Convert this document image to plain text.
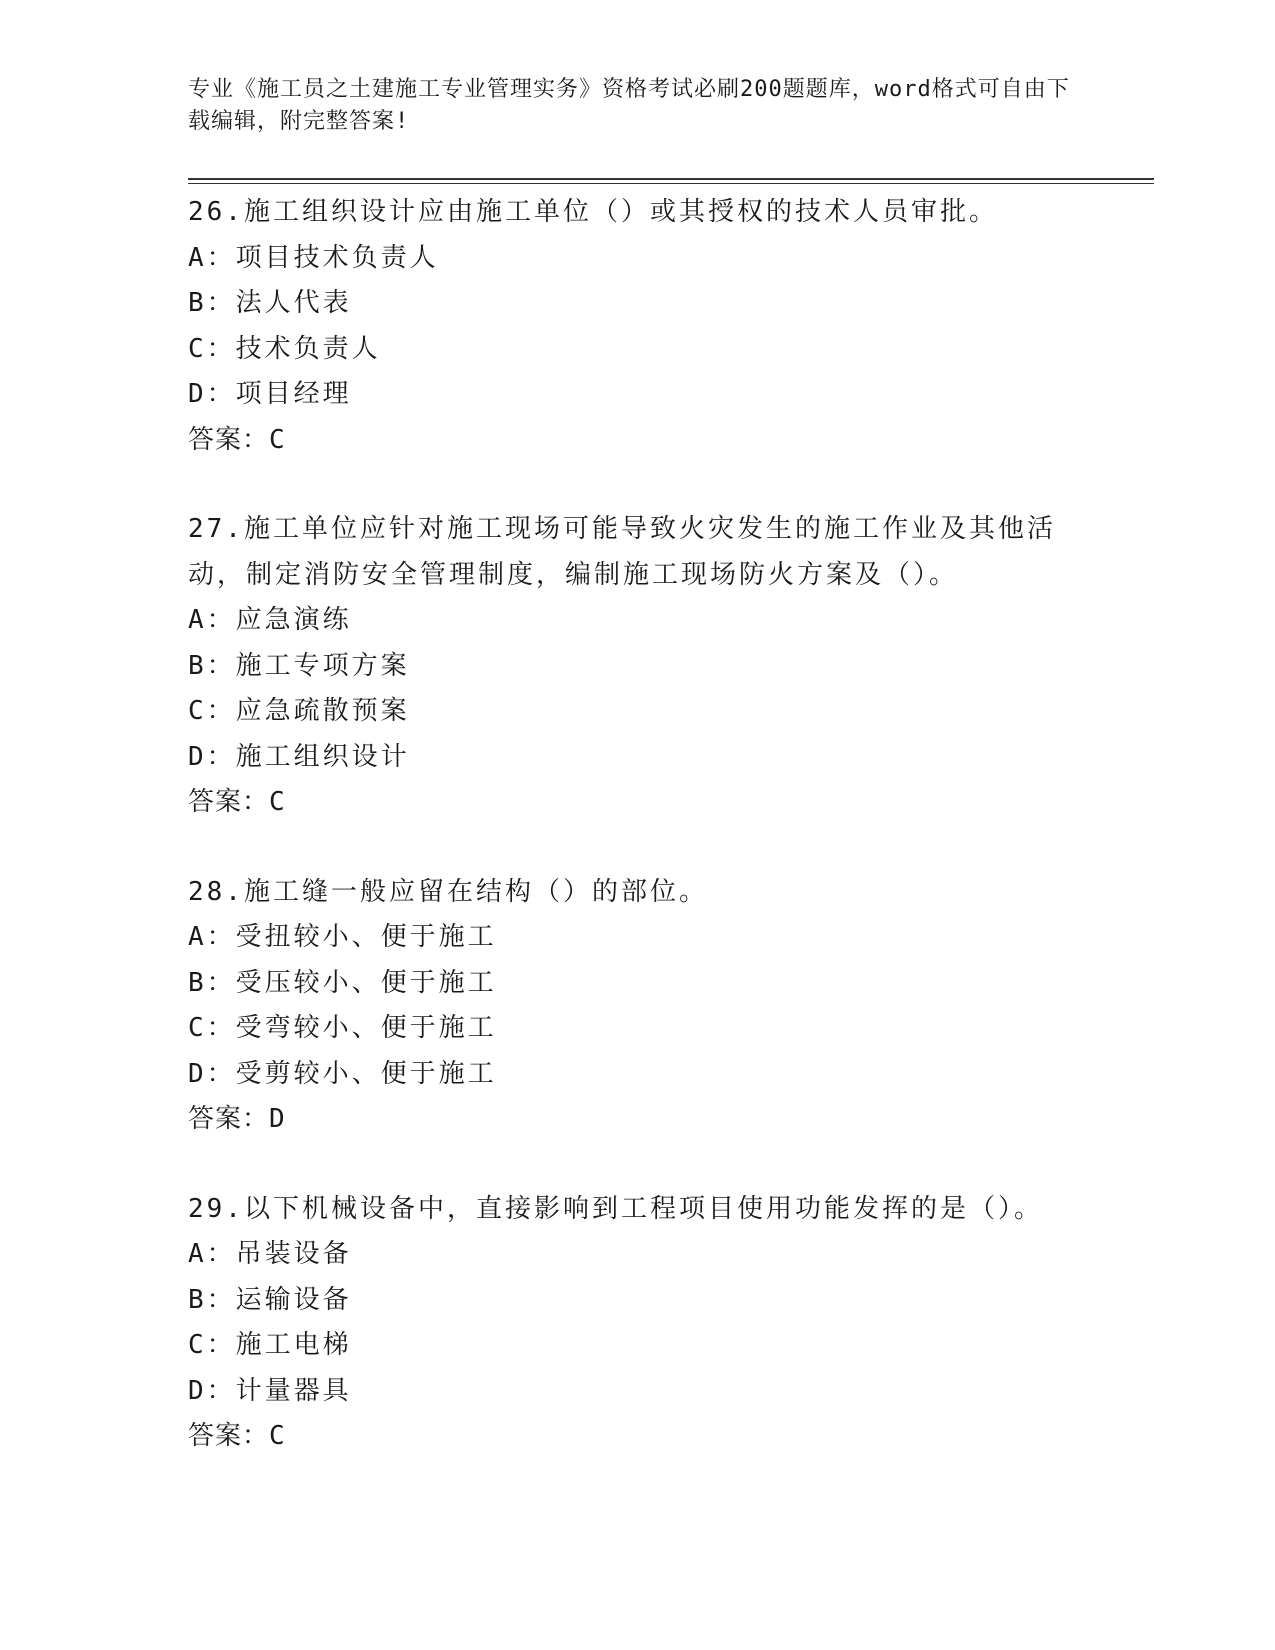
专业《施工员之土建施工专业管理实务》资格考试必刷200题题库，word格式可自由下载编辑，附完整答案!
26.施工组织设计应由施工单位（）或其授权的技术人员审批。
A：项目技术负责人
B：法人代表
C：技术负责人
D：项目经理
答案：C
27.施工单位应针对施工现场可能导致火灾发生的施工作业及其他活动，制定消防安全管理制度，编制施工现场防火方案及（）。
A：应急演练
B：施工专项方案
C：应急疏散预案
D：施工组织设计
答案：C
28.施工缝一般应留在结构（）的部位。
A：受扭较小、便于施工
B：受压较小、便于施工
C：受弯较小、便于施工
D：受剪较小、便于施工
答案：D
29.以下机械设备中，直接影响到工程项目使用功能发挥的是（）。
A：吊装设备
B：运输设备
C：施工电梯
D：计量器具
答案：C
